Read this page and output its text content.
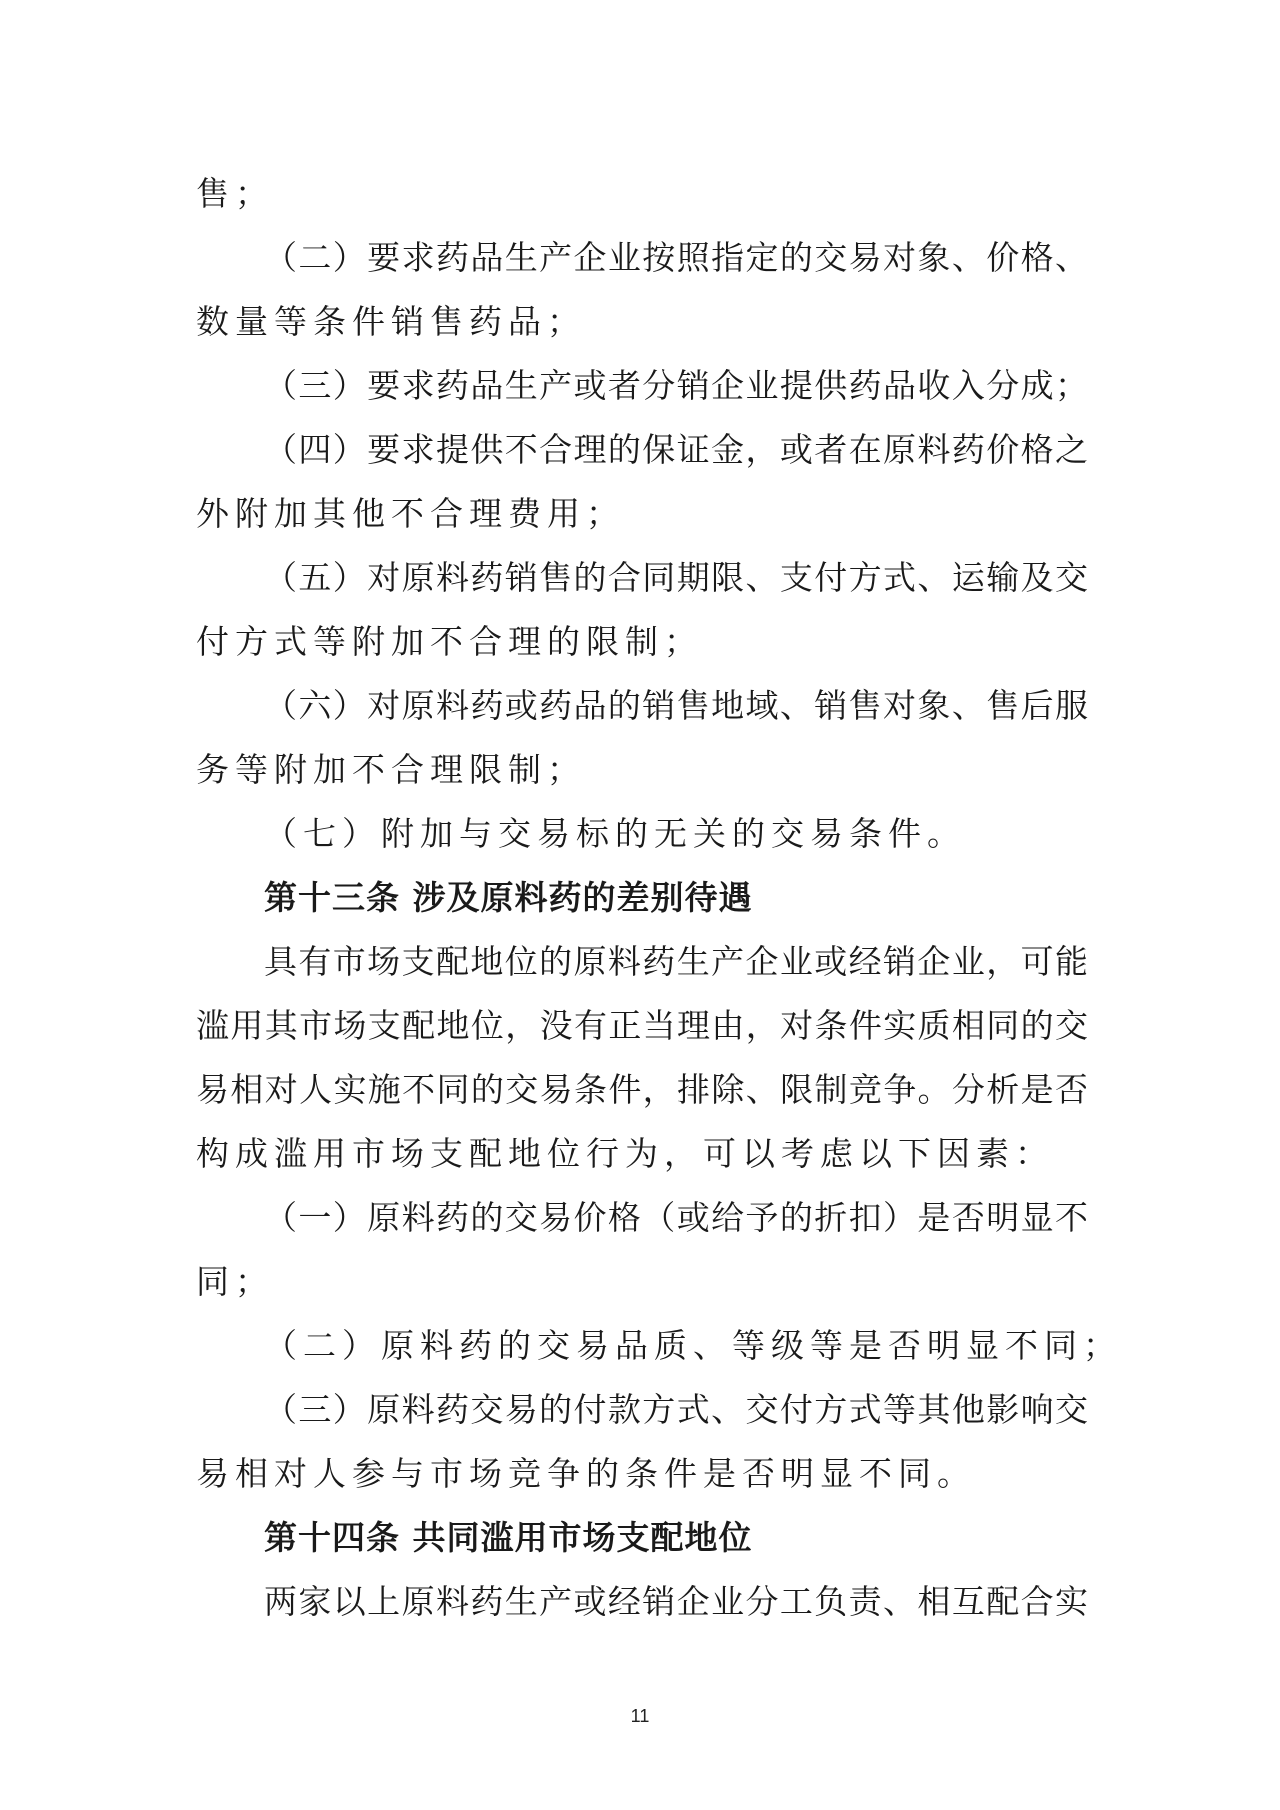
售；
（ 二 ） 要 求 药 品 生 产 企 业 按 照 指 定 的 交 易 对 象 、 价 格 、
数量等条件销售药品；
（ 三 ） 要 求 药 品 生 产 或 者 分 销 企 业 提 供 药 品 收 入 分 成 ；
（ 四 ） 要 求 提 供 不 合 理 的 保 证 金 ， 或 者 在 原 料 药 价 格 之
外附加其他不合理费用；
（ 五 ） 对 原 料 药 销 售 的 合 同 期 限 、 支 付 方 式 、 运 输 及 交
付方式等附加不合理的限制；
（ 六 ） 对 原 料 药 或 药 品 的 销 售 地 域 、 销 售 对 象 、 售 后 服
务等附加不合理限制；
（七）附加与交易标的无关的交易条件。
第十三条 涉及原料药的差别待遇
具 有 市 场 支 配 地 位 的 原 料 药 生 产 企 业 或 经 销 企 业 ， 可 能
滥 用 其 市 场 支 配 地 位 ， 没 有 正 当 理 由 ， 对 条 件 实 质 相 同 的 交
易 相 对 人 实 施 不 同 的 交 易 条 件 ， 排 除 、 限 制 竞 争 。 分 析 是 否
构成滥用市场支配地位行为，可以考虑以下因素：
（ 一 ） 原 料 药 的 交 易 价 格 （ 或 给 予 的 折 扣 ） 是 否 明 显 不
同；
（二）原料药的交易品质、等级等是否明显不同；
（ 三 ） 原 料 药 交 易 的 付 款 方 式 、 交 付 方 式 等 其 他 影 响 交
易相对人参与市场竞争的条件是否明显不同。
第十四条 共同滥用市场支配地位
两 家 以 上 原 料 药 生 产 或 经 销 企 业 分 工 负 责 、 相 互 配 合 实
11
